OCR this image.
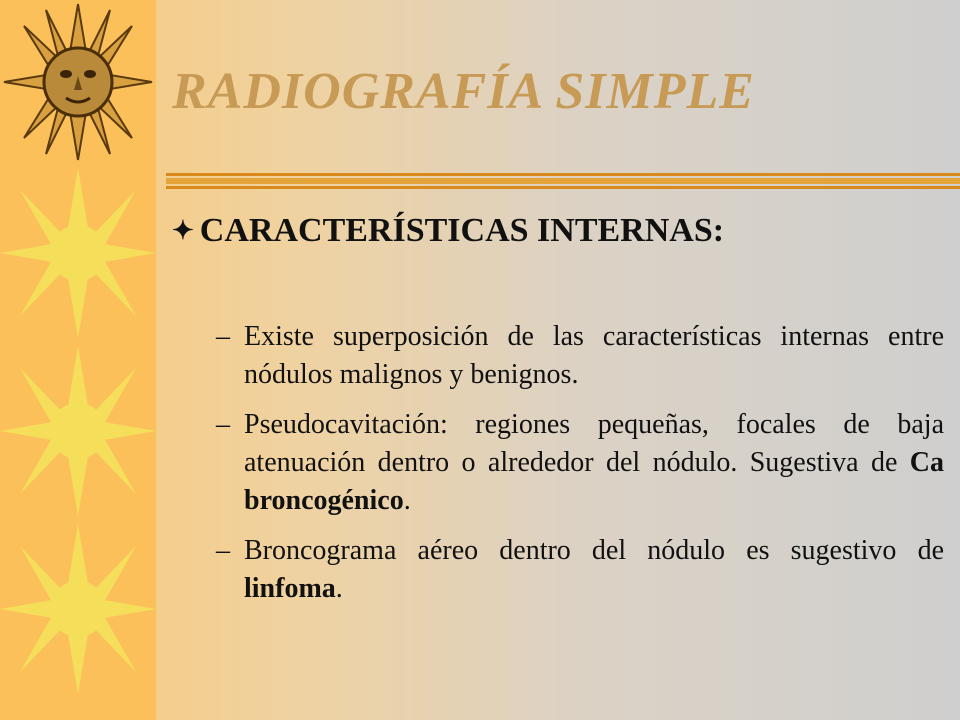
RADIOGRAFÍA SIMPLE
✦ CARACTERÍSTICAS INTERNAS:
– Existe superposición de las características internas entre nódulos malignos y benignos.
– Pseudocavitación: regiones pequeñas, focales de baja atenuación dentro o alrededor del nódulo. Sugestiva de Ca broncogénico.
– Broncograma aéreo dentro del nódulo es sugestivo de linfoma.
